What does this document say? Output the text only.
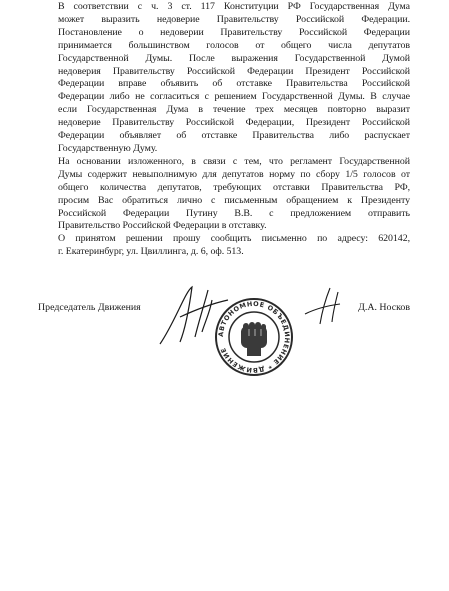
В соответствии с ч. 3 ст. 117 Конституции РФ Государственная Дума
может выразить недоверие Правительству Российской Федерации.
Постановление о недоверии Правительству Российской Федерации
принимается большинством голосов от общего числа депутатов
Государственной Думы. После выражения Государственной Думой
недоверия Правительству Российской Федерации Президент Российской
Федерации вправе объявить об отставке Правительства Российской
Федерации либо не согласиться с решением Государственной Думы. В случае
если Государственная Дума в течение трех месяцев повторно выразит
недоверие Правительству Российской Федерации, Президент Российской
Федерации объявляет об отставке Правительства либо распускает
Государственную Думу.

На основании изложенного, в связи с тем, что регламент Государственной
Думы содержит невыполнимую для депутатов норму по сбору 1/5 голосов от
общего количества депутатов, требующих отставки Правительства РФ,
просим Вас обратиться лично с письменным обращением к Президенту
Российской Федерации Путину В.В. с предложением отправить
Правительство Российской Федерации в отставку.

О принятом решении прошу сообщить письменно по адресу: 620142,
г. Екатеринбург, ул. Цвиллинга, д. 6, оф. 513.

АВТОНОМНОЕ ОБЪЕДИНЕНИЕ * ДВИЖЕНИЕ
Председатель Движения	Д.А. Носков
